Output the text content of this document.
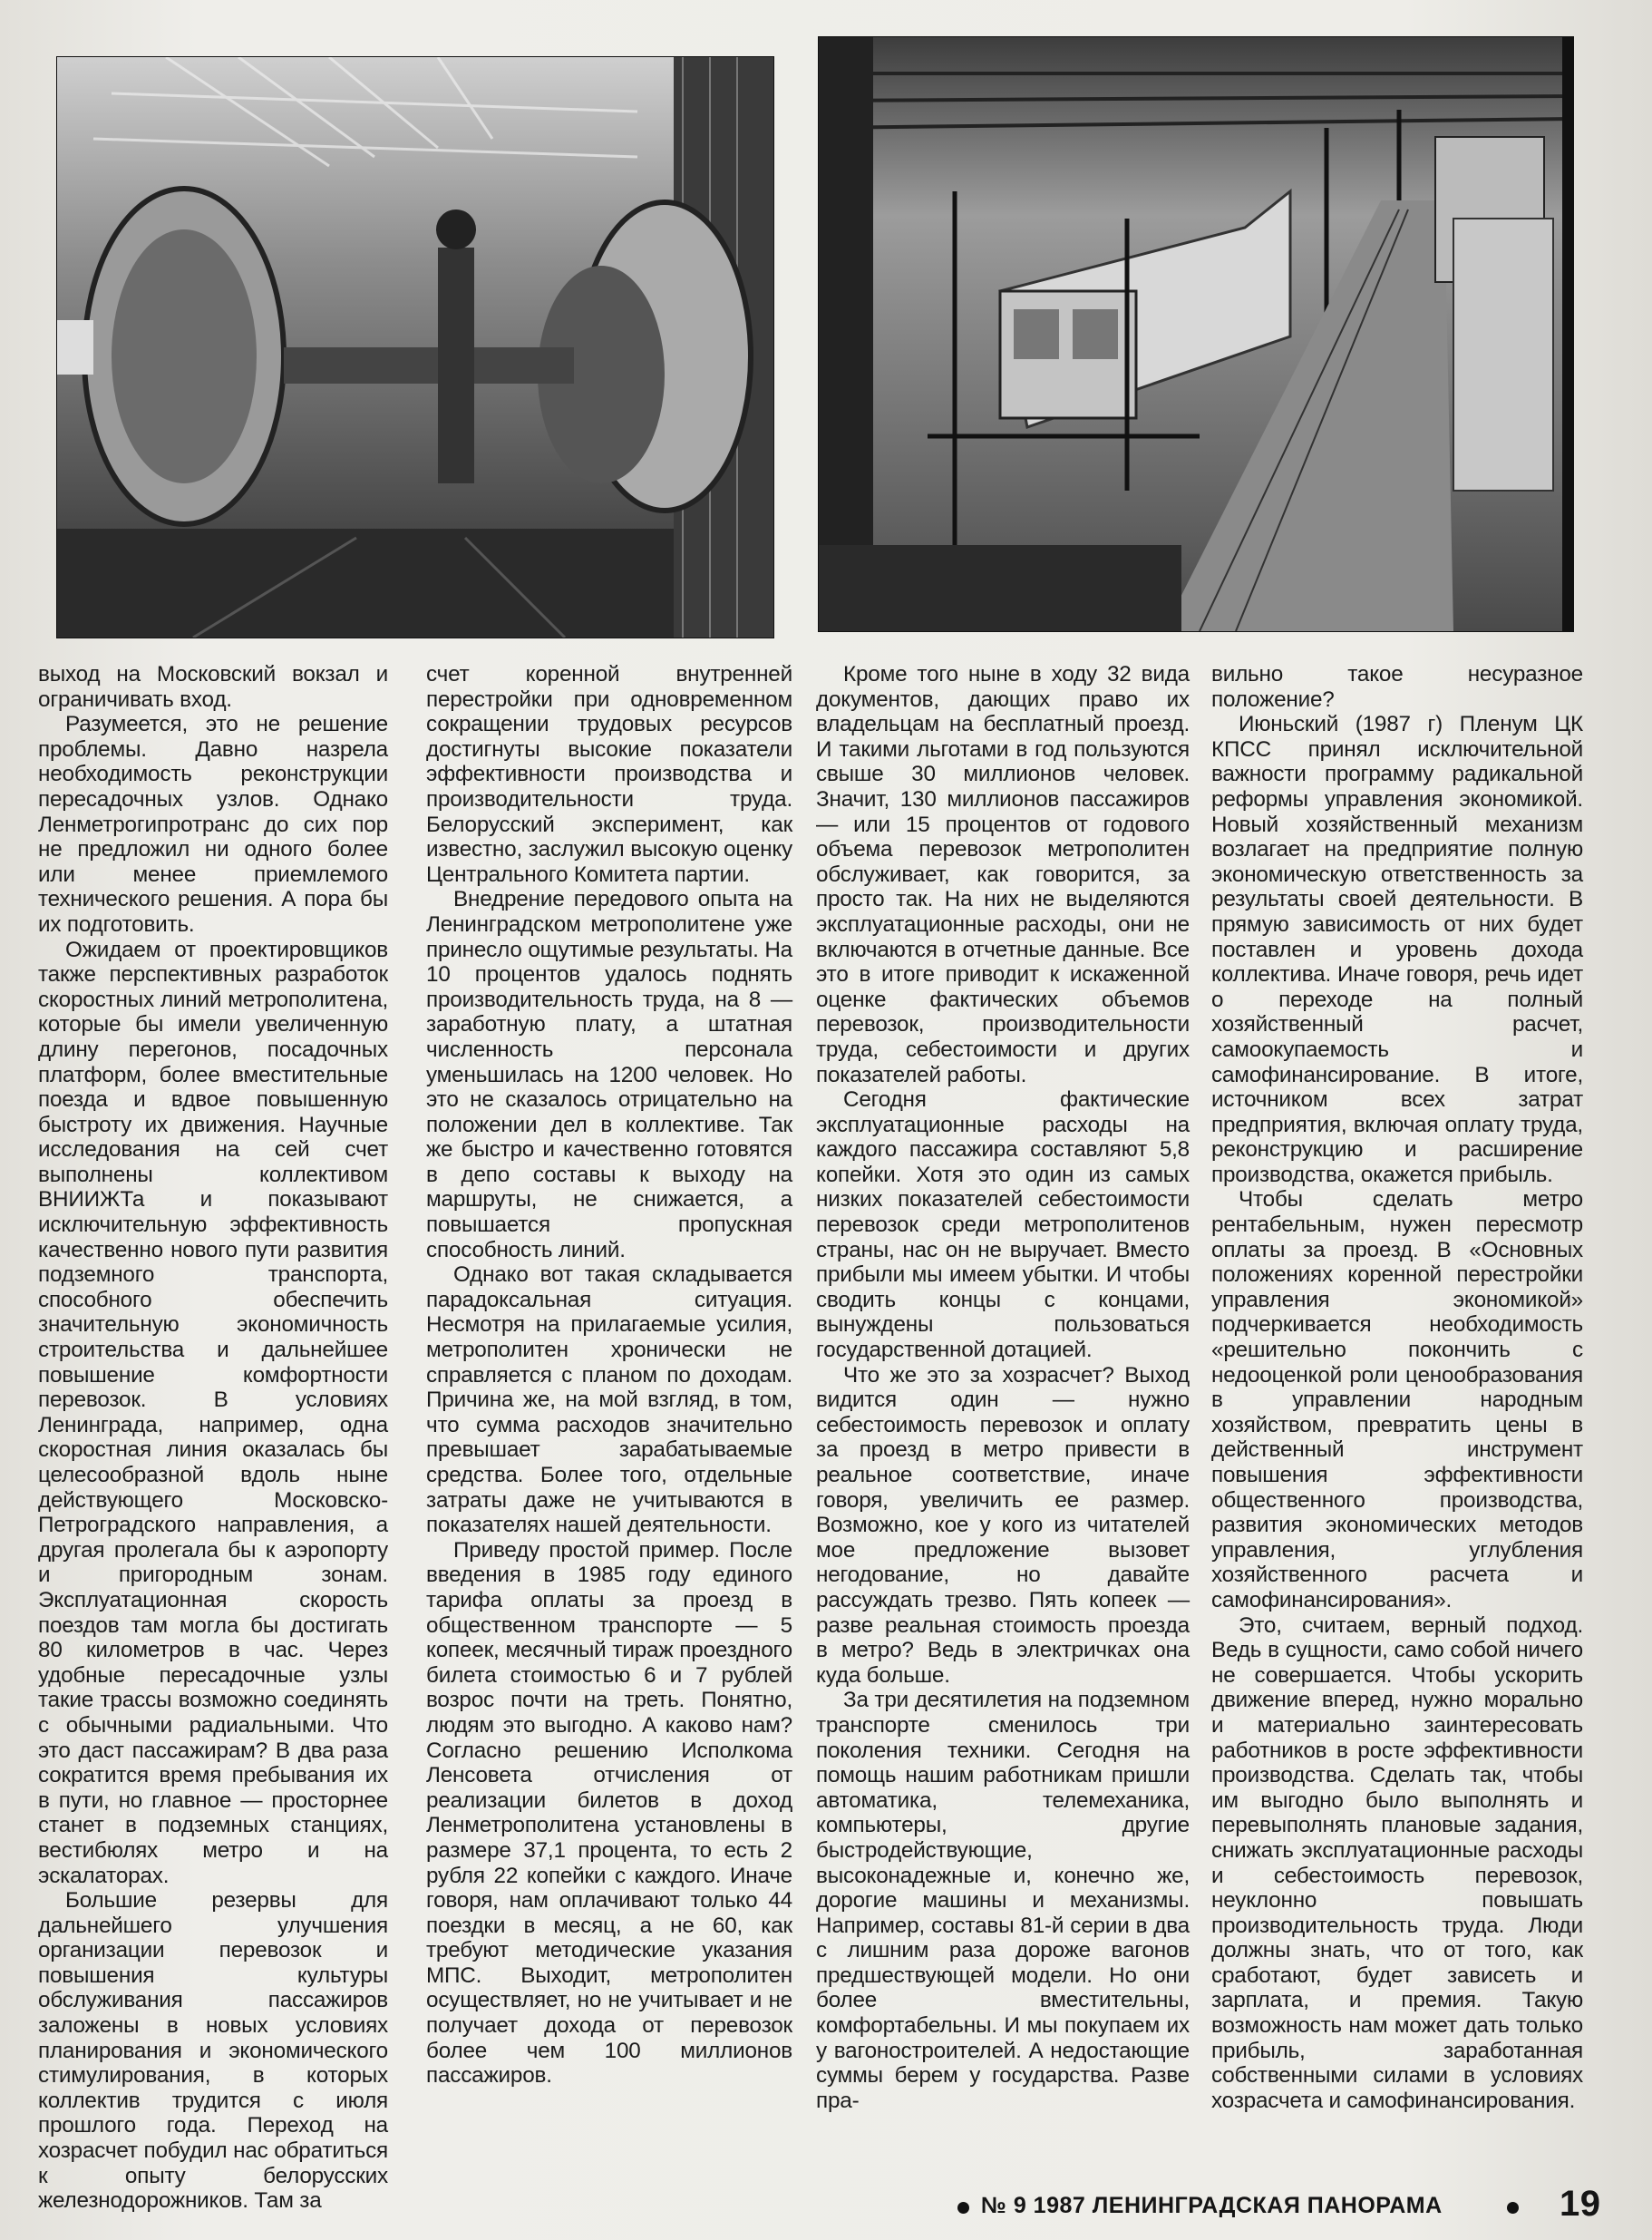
выход на Московский вокзал и ограничивать вход.

Разумеется, это не решение проблемы. Давно назрела необходимость реконструкции пересадочных узлов. Однако Ленметрогипротранс до сих пор не предложил ни одного более или менее приемлемого технического решения. А пора бы их подготовить.

Ожидаем от проектировщиков также перспективных разработок скоростных линий метрополитена, которые бы имели увеличенную длину перегонов, посадочных платформ, более вместительные поезда и вдвое повышенную быстроту их движения. Научные исследования на сей счет выполнены коллективом ВНИИЖТа и показывают исключительную эффективность качественно нового пути развития подземного транспорта, способного обеспечить значительную экономичность строительства и дальнейшее повышение комфортности перевозок. В условиях Ленинграда, например, одна скоростная линия оказалась бы целесообразной вдоль ныне действующего Московско-Петроградского направления, а другая пролегала бы к аэропорту и пригородным зонам. Эксплуатационная скорость поездов там могла бы достигать 80 километров в час. Через удобные пересадочные узлы такие трассы возможно соединять с обычными радиальными. Что это даст пассажирам? В два раза сократится время пребывания их в пути, но главное — просторнее станет в подземных станциях, вестибюлях метро и на эскалаторах.

Большие резервы для дальнейшего улучшения организации перевозок и повышения культуры обслуживания пассажиров заложены в новых условиях планирования и экономического стимулирования, в которых коллектив трудится с июля прошлого года. Переход на хозрасчет побудил нас обратиться к опыту белорусских железнодорожников. Там за

счет коренной внутренней перестройки при одновременном сокращении трудовых ресурсов достигнуты высокие показатели эффективности производства и производительности труда. Белорусский эксперимент, как известно, заслужил высокую оценку Центрального Комитета партии.

Внедрение передового опыта на Ленинградском метрополитене уже принесло ощутимые результаты. На 10 процентов удалось поднять производительность труда, на 8 — заработную плату, а штатная численность персонала уменьшилась на 1200 человек. Но это не сказалось отрицательно на положении дел в коллективе. Так же быстро и качественно готовятся в депо составы к выходу на маршруты, не снижается, а повышается пропускная способность линий.

Однако вот такая складывается парадоксальная ситуация. Несмотря на прилагаемые усилия, метрополитен хронически не справляется с планом по доходам. Причина же, на мой взгляд, в том, что сумма расходов значительно превышает зарабатываемые средства. Более того, отдельные затраты даже не учитываются в показателях нашей деятельности.

Приведу простой пример. После введения в 1985 году единого тарифа оплаты за проезд в общественном транспорте — 5 копеек, месячный тираж проездного билета стоимостью 6 и 7 рублей возрос почти на треть. Понятно, людям это выгодно. А каково нам? Согласно решению Исполкома Ленсовета отчисления от реализации билетов в доход Ленметрополитена установлены в размере 37,1 процента, то есть 2 рубля 22 копейки с каждого. Иначе говоря, нам оплачивают только 44 поездки в месяц, а не 60, как требуют методические указания МПС. Выходит, метрополитен осуществляет, но не учитывает и не получает дохода от перевозок более чем 100 миллионов пассажиров.

Кроме того ныне в ходу 32 вида документов, дающих право их владельцам на бесплатный проезд. И такими льготами в год пользуются свыше 30 миллионов человек. Значит, 130 миллионов пассажиров — или 15 процентов от годового объема перевозок метрополитен обслуживает, как говорится, за просто так. На них не выделяются эксплуатационные расходы, они не включаются в отчетные данные. Все это в итоге приводит к искаженной оценке фактических объемов перевозок, производительности труда, себестоимости и других показателей работы.

Сегодня фактические эксплуатационные расходы на каждого пассажира составляют 5,8 копейки. Хотя это один из самых низких показателей себестоимости перевозок среди метрополитенов страны, нас он не выручает. Вместо прибыли мы имеем убытки. И чтобы сводить концы с концами, вынуждены пользоваться государственной дотацией.

Что же это за хозрасчет? Выход видится один — нужно себестоимость перевозок и оплату за проезд в метро привести в реальное соответствие, иначе говоря, увеличить ее размер. Возможно, кое у кого из читателей мое предложение вызовет негодование, но давайте рассуждать трезво. Пять копеек — разве реальная стоимость проезда в метро? Ведь в электричках она куда больше.

За три десятилетия на подземном транспорте сменилось три поколения техники. Сегодня на помощь нашим работникам пришли автоматика, телемеханика, компьютеры, другие быстродействующие, высоконадежные и, конечно же, дорогие машины и механизмы. Например, составы 81-й серии в два с лишним раза дороже вагонов предшествующей модели. Но они более вместительны, комфортабельны. И мы покупаем их у вагоностроителей. А недостающие суммы берем у государства. Разве пра-

вильно такое несуразное положение?

Июньский (1987 г) Пленум ЦК КПСС принял исключительной важности программу радикальной реформы управления экономикой. Новый хозяйственный механизм возлагает на предприятие полную экономическую ответственность за результаты своей деятельности. В прямую зависимость от них будет поставлен и уровень дохода коллектива. Иначе говоря, речь идет о переходе на полный хозяйственный расчет, самоокупаемость и самофинансирование. В итоге, источником всех затрат предприятия, включая оплату труда, реконструкцию и расширение производства, окажется прибыль.

Чтобы сделать метро рентабельным, нужен пересмотр оплаты за проезд. В «Основных положениях коренной перестройки управления экономикой» подчеркивается необходимость «решительно покончить с недооценкой роли ценообразования в управлении народным хозяйством, превратить цены в действенный инструмент повышения эффективности общественного производства, развития экономических методов управления, углубления хозяйственного расчета и самофинансирования».

Это, считаем, верный подход. Ведь в сущности, само собой ничего не совершается. Чтобы ускорить движение вперед, нужно морально и материально заинтересовать работников в росте эффективности производства. Сделать так, чтобы им выгодно было выполнять и перевыполнять плановые задания, снижать эксплуатационные расходы и себестоимость перевозок, неуклонно повышать производительность труда. Люди должны знать, что от того, как сработают, будет зависеть и зарплата, и премия. Такую возможность нам может дать только прибыль, заработанная собственными силами в условиях хозрасчета и самофинансирования.

№ 9 1987 ЛЕНИНГРАДСКАЯ ПАНОРАМА	19
